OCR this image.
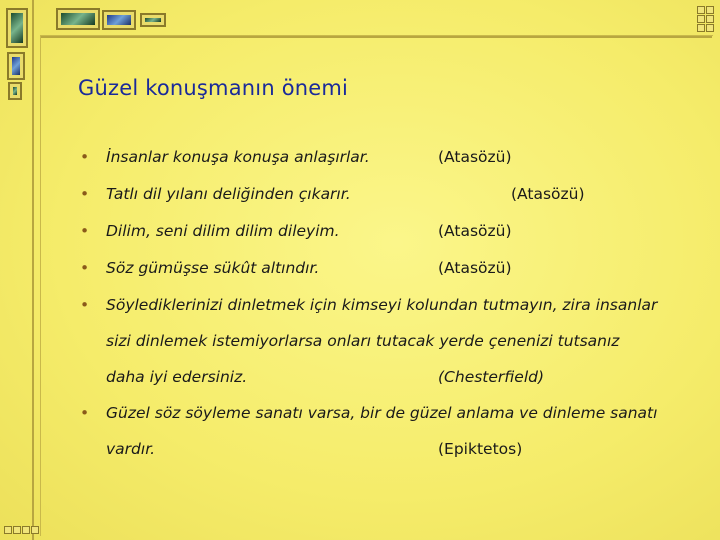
Güzel konuşmanın önemi
• İnsanlar konuşa konuşa anlaşırlar.	(Atasözü)
• Tatlı dil yılanı deliğinden çıkarır.	(Atasözü)
• Dilim, seni dilim dilim dileyim.	(Atasözü)
• Söz gümüşse sükût altındır.	(Atasözü)
• Söylediklerinizi dinletmek için kimseyi kolundan tutmayın, zira insanlar
sizi dinlemek istemiyorlarsa onları tutacak yerde çenenizi tutsanız
daha iyi edersiniz.	(Chesterfield)
• Güzel söz söyleme sanatı varsa, bir de güzel anlama ve dinleme sanatı
vardır.	(Epiktetos)
